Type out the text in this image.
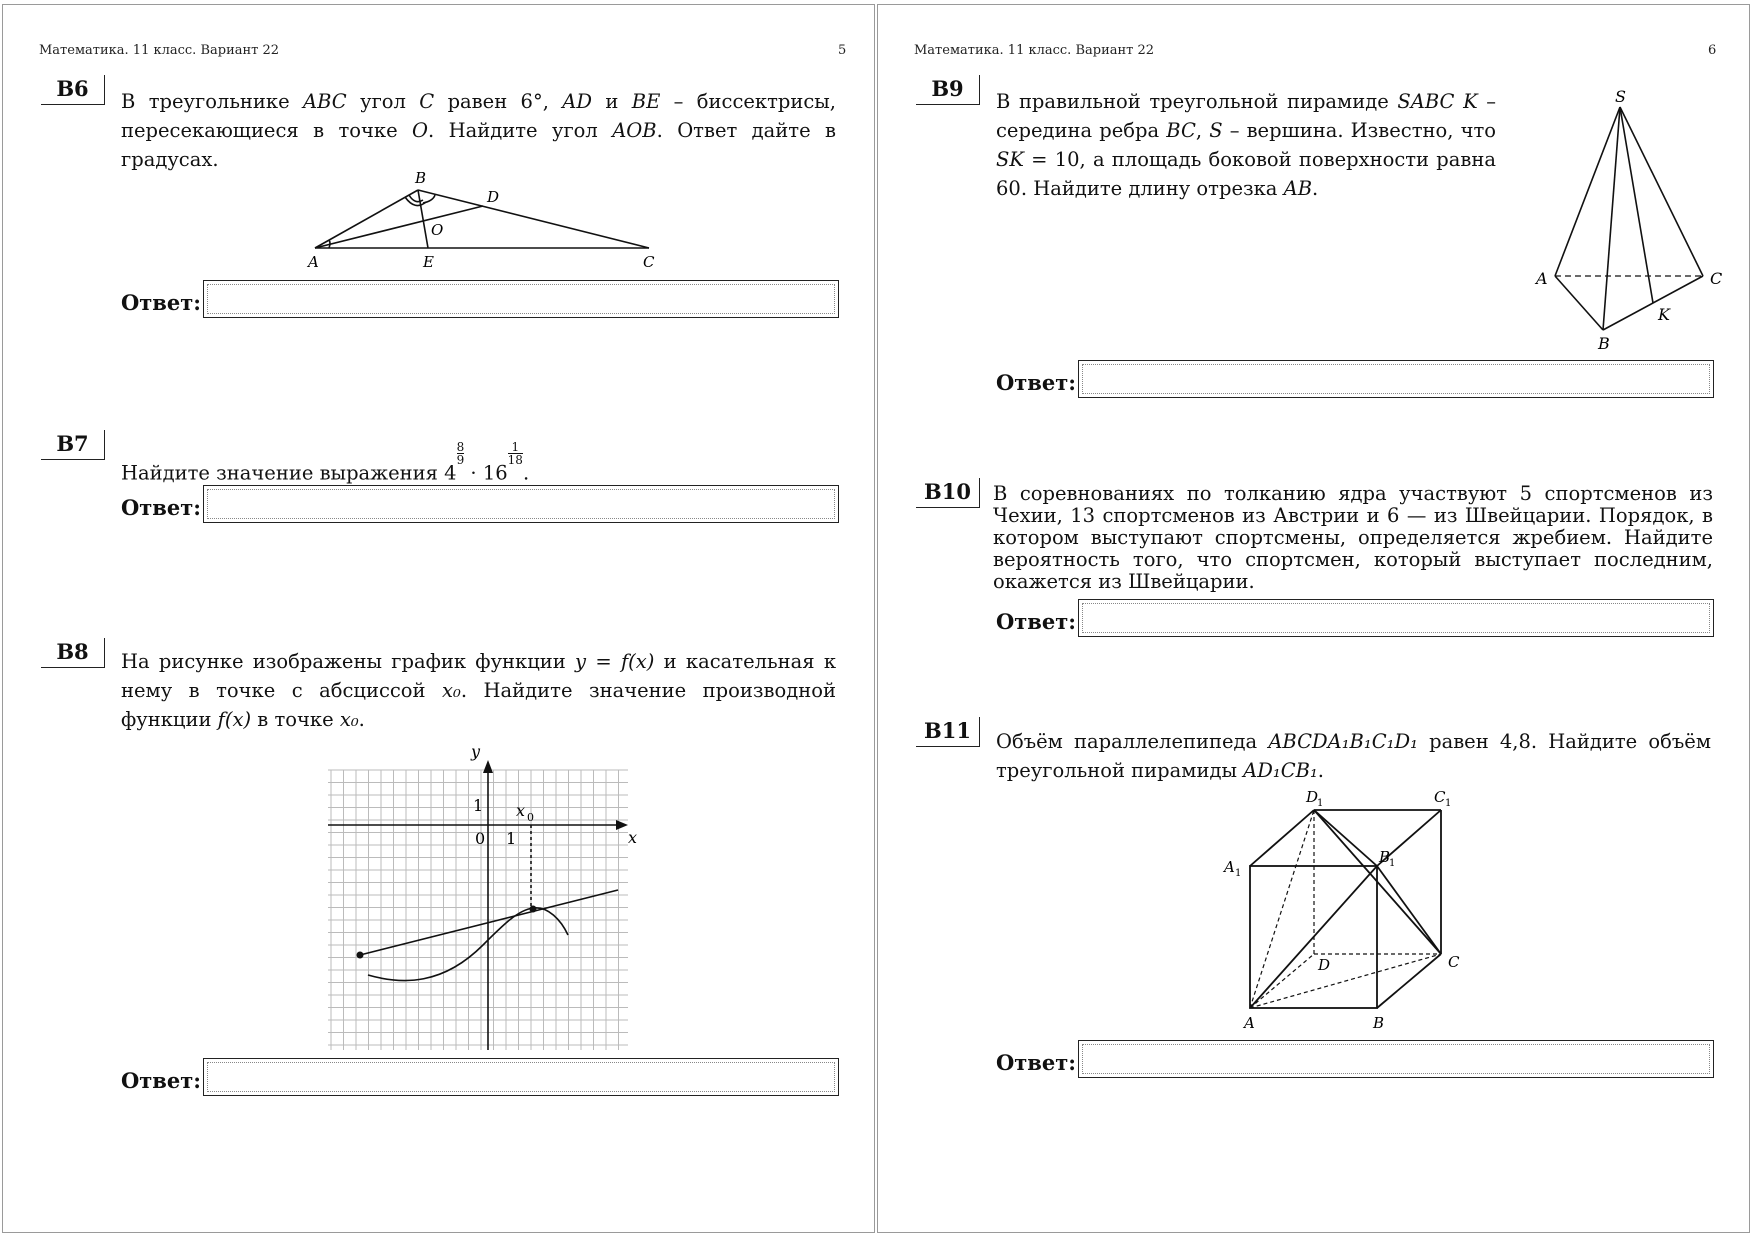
Математика. 11 класс. Вариант 22	5
B6
В треугольнике ABC угол C равен 6°, AD и BE – биссектрисы, пересекающиеся в точке O. Найдите угол AOB. Ответ дайте в градусах.
B
D
O
A	E	C
Ответ:
B7
Найдите значение выражения 4
$^{\frac{8}{9}}$
· 16
$^{\frac{1}{18}}$
.
Ответ:
B8	На рисунке изображены график функции y = f(x) и касательная к нему в точке с абсциссой x₀. Найдите значение производной функции f(x) в точке x₀.
y
x
1
0 1
x 0
Ответ:
Математика. 11 класс. Вариант 22	6
B9
В правильной треугольной пирамиде SABC K – середина ребра BC, S – вершина. Известно, что SK = 10, а площадь боковой поверхности равна 60. Найдите длину отрезка AB.
S
A	C
B
K
Ответ:
B10	В соревнованиях по толканию ядра участвуют 5 спортсменов из Чехии, 13 спортсменов из Австрии и 6 — из Швейцарии. Порядок, в котором выступают спортсмены, определяется жребием. Найдите вероятность того, что спортсмен, который выступает последним, окажется из Швейцарии.
Ответ:
B11	Объём параллелепипеда ABCDA₁B₁C₁D₁ равен 4,8. Найдите объём треугольной пирамиды AD₁CB₁.
D
1	C 1
A 1
B
1
D	C
A	B
Ответ:
